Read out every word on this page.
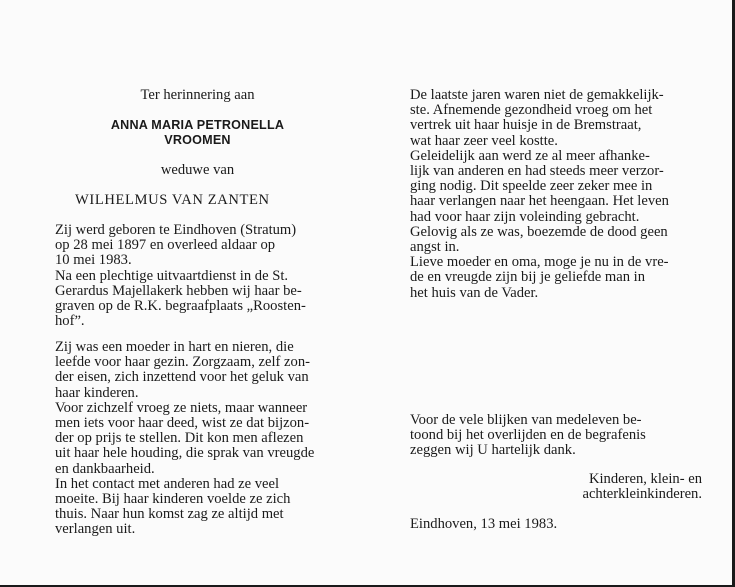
Ter herinnering aan
ANNA MARIA PETRONELLA
VROOMEN
weduwe van
WILHELMUS VAN ZANTEN

Zij werd geboren te Eindhoven (Stratum)
op 28 mei 1897 en overleed aldaar op
10 mei 1983.
Na een plechtige uitvaartdienst in de St.
Gerardus Majellakerk hebben wij haar be-
graven op de R.K. begraafplaats „Roosten-
hof”.

Zij was een moeder in hart en nieren, die
leefde voor haar gezin. Zorgzaam, zelf zon-
der eisen, zich inzettend voor het geluk van
haar kinderen.
Voor zichzelf vroeg ze niets, maar wanneer
men iets voor haar deed, wist ze dat bijzon-
der op prijs te stellen. Dit kon men aflezen
uit haar hele houding, die sprak van vreugde
en dankbaarheid.
In het contact met anderen had ze veel
moeite. Bij haar kinderen voelde ze zich
thuis. Naar hun komst zag ze altijd met
verlangen uit.

De laatste jaren waren niet de gemakkelijk-
ste. Afnemende gezondheid vroeg om het
vertrek uit haar huisje in de Bremstraat,
wat haar zeer veel kostte.
Geleidelijk aan werd ze al meer afhanke-
lijk van anderen en had steeds meer verzor-
ging nodig. Dit speelde zeer zeker mee in
haar verlangen naar het heengaan. Het leven
had voor haar zijn voleinding gebracht.
Gelovig als ze was, boezemde de dood geen
angst in.
Lieve moeder en oma, moge je nu in de vre-
de en vreugde zijn bij je geliefde man in
het huis van de Vader.

Voor de vele blijken van medeleven be-
toond bij het overlijden en de begrafenis
zeggen wij U hartelijk dank.

Kinderen, klein- en
achterkleinkinderen.
Eindhoven, 13 mei 1983.
